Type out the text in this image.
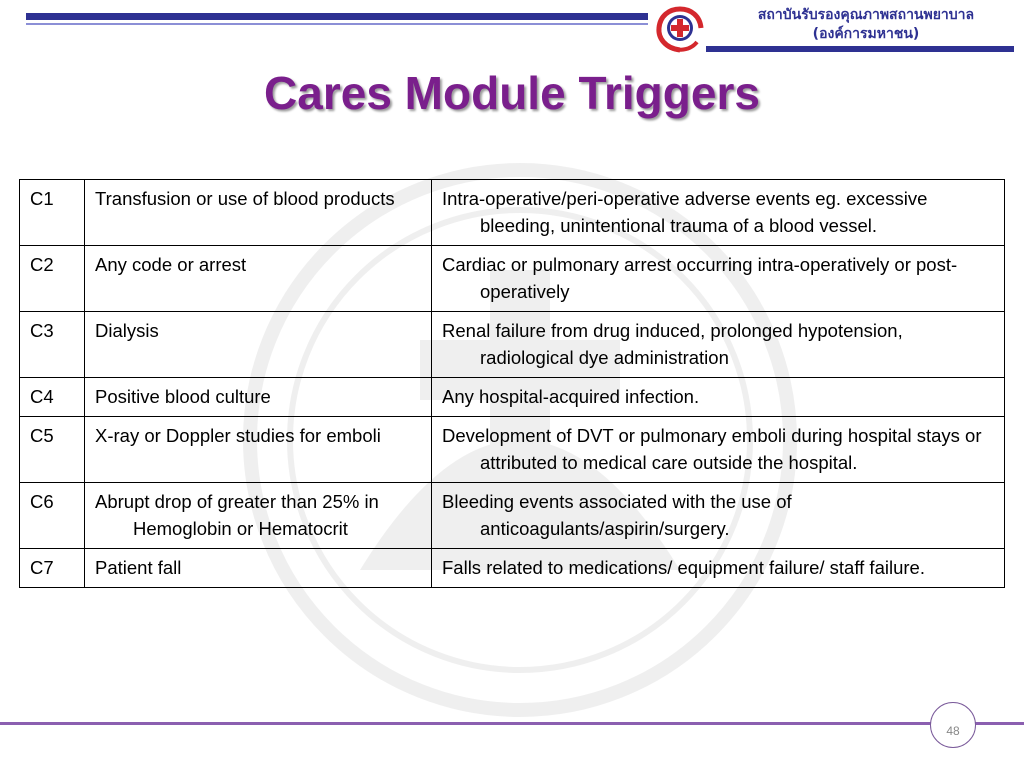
สถาบันรับรองคุณภาพสถานพยาบาล
(องค์การมหาชน)
Cares Module Triggers
C1	Transfusion or use of blood products	Intra-operative/peri-operative adverse events eg. excessive bleeding, unintentional trauma of a blood vessel.

C2	Any code or arrest	Cardiac or pulmonary arrest occurring intra-operatively or post-operatively

C3	Dialysis	Renal failure from drug induced, prolonged hypotension, radiological dye administration

C4	Positive blood culture	Any hospital-acquired infection.

C5	X-ray or Doppler studies for emboli	Development of DVT or pulmonary emboli during hospital stays or attributed to medical care outside the hospital.

C6	Abrupt drop of greater than 25% in Hemoglobin or Hematocrit	Bleeding events associated with the use of anticoagulants/aspirin/surgery.

C7	Patient fall	Falls related to medications/ equipment failure/ staff failure.
48
